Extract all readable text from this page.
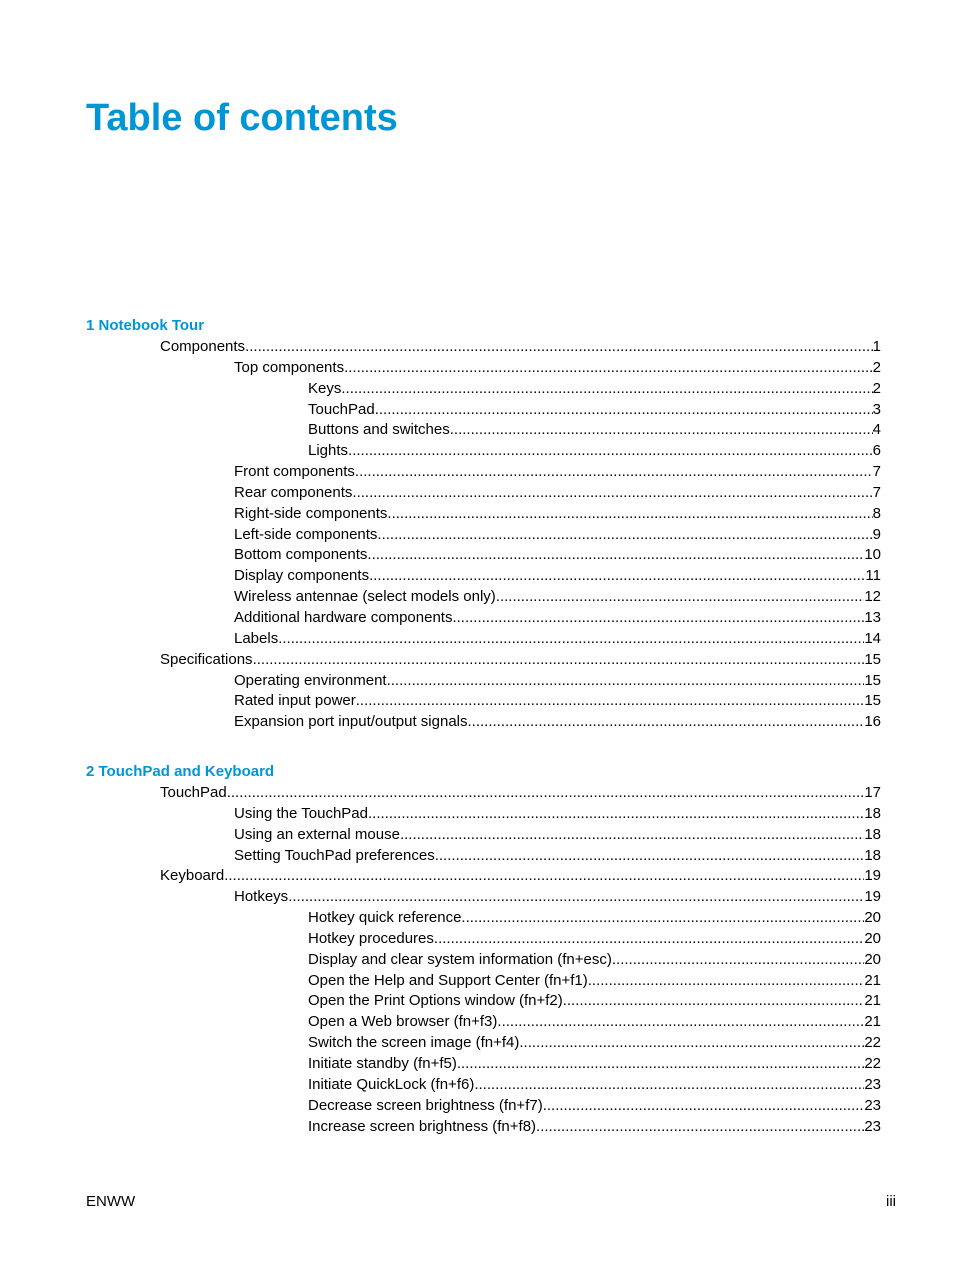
Table of contents
1 Notebook Tour
Components .....	1
Top components .....	2
Keys .....	2
TouchPad .....	3
Buttons and switches .....	4
Lights .....	6
Front components .....	7
Rear components .....	7
Right-side components .....	8
Left-side components .....	9
Bottom components .....	10
Display components .....	11
Wireless antennae (select models only) .....	12
Additional hardware components .....	13
Labels .....	14
Specifications .....	15
Operating environment .....	15
Rated input power .....	15
Expansion port input/output signals .....	16
2 TouchPad and Keyboard
TouchPad .....	17
Using the TouchPad .....	18
Using an external mouse .....	18
Setting TouchPad preferences .....	18
Keyboard .....	19
Hotkeys .....	19
Hotkey quick reference .....	20
Hotkey procedures .....	20
Display and clear system information (fn+esc) .....	20
Open the Help and Support Center (fn+f1) .....	21
Open the Print Options window (fn+f2) .....	21
Open a Web browser (fn+f3) .....	21
Switch the screen image (fn+f4) .....	22
Initiate standby (fn+f5) .....	22
Initiate QuickLock (fn+f6) .....	23
Decrease screen brightness (fn+f7) .....	23
Increase screen brightness (fn+f8) .....	23
ENWW	iii
